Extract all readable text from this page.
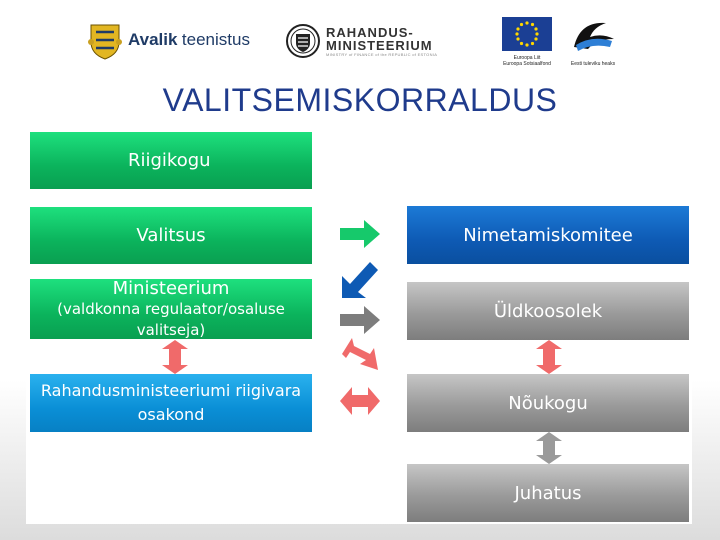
Avalik teenistus	RAHANDUS-
MINISTEERIUM
MINISTRY of FINANCE of the REPUBLIC of ESTONIA
Euroopa Liit
Euroopa Sotsiaalfond	Eesti tuleviku heaks
VALITSEMISKORRALDUS
Riigikogu
Valitsus
Ministeerium
(valdkonna regulaator/osaluse valitseja)
Rahandusministeeriumi riigivara
osakond
Nimetamiskomitee
Üldkoosolek
Nõukogu
Juhatus
